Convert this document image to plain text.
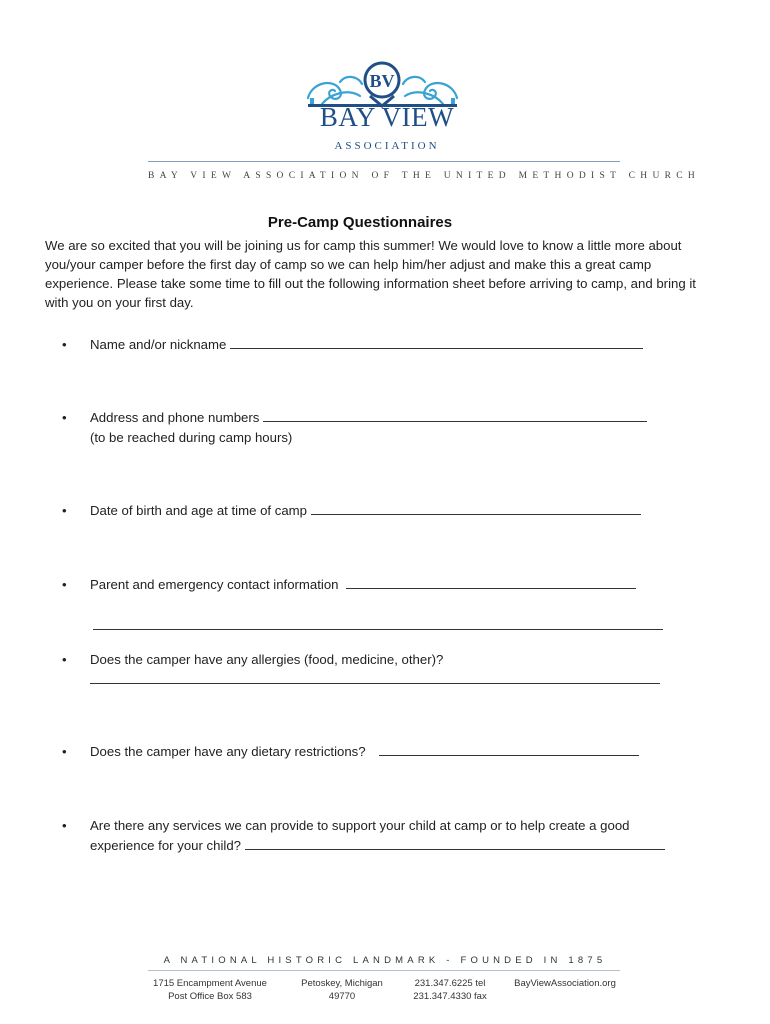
BV
BAY VIEW
ASSOCIATION
BAY VIEW ASSOCIATION OF THE UNITED METHODIST CHURCH
Pre-Camp Questionnaires
We are so excited that you will be joining us for camp this summer! We would love to know a little more about you/your camper before the first day of camp so we can help him/her adjust and make this a great camp experience. Please take some time to fill out the following information sheet before arriving to camp, and bring it with you on your first day.
• Name and/or nickname
• Address and phone numbers
(to be reached during camp hours)
• Date of birth and age at time of camp
• Parent and emergency contact information
• Does the camper have any allergies (food, medicine, other)?
• Does the camper have any dietary restrictions?
• Are there any services we can provide to support your child at camp or to help create a good
experience for your child?
A NATIONAL HISTORIC LANDMARK - FOUNDED IN 1875
1715 Encampment Avenue
Post Office Box 583
Petoskey, Michigan
49770
231.347.6225 tel
231.347.4330 fax
BayViewAssociation.org
